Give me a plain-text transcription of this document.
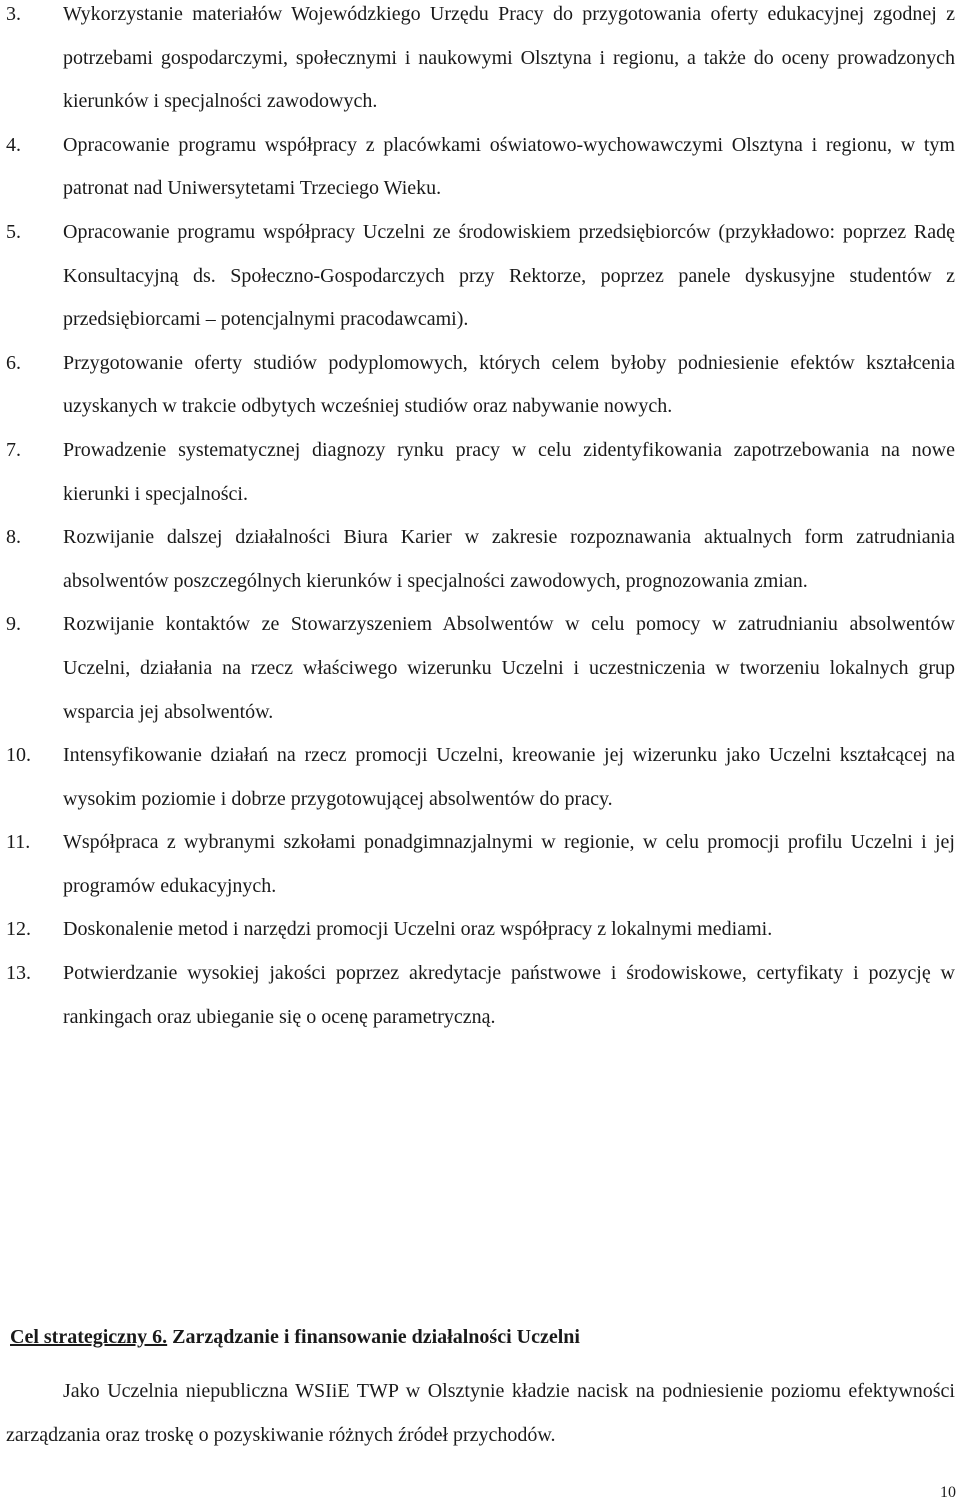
3.	Wykorzystanie materiałów Wojewódzkiego Urzędu Pracy do przygotowania oferty edukacyjnej zgodnej z potrzebami gospodarczymi, społecznymi i naukowymi Olsztyna i regionu, a także do oceny prowadzonych kierunków i specjalności zawodowych.
4.	Opracowanie programu współpracy z placówkami oświatowo-wychowawczymi Olsztyna i regionu, w tym patronat nad Uniwersytetami Trzeciego Wieku.
5.	Opracowanie programu współpracy Uczelni ze środowiskiem przedsiębiorców (przykładowo: poprzez Radę Konsultacyjną ds. Społeczno-Gospodarczych przy Rektorze, poprzez panele dyskusyjne studentów z przedsiębiorcami – potencjalnymi pracodawcami).
6.	Przygotowanie oferty studiów podyplomowych, których celem byłoby podniesienie efektów kształcenia uzyskanych w trakcie odbytych wcześniej studiów oraz nabywanie nowych.
7.	Prowadzenie systematycznej diagnozy rynku pracy w celu zidentyfikowania zapotrzebowania na nowe kierunki i specjalności.
8.	Rozwijanie dalszej działalności Biura Karier w zakresie rozpoznawania aktualnych form zatrudniania absolwentów poszczególnych kierunków i specjalności zawodowych, prognozowania zmian.
9.	Rozwijanie kontaktów ze Stowarzyszeniem Absolwentów w celu pomocy w zatrudnianiu absolwentów Uczelni, działania na rzecz właściwego wizerunku Uczelni i uczestniczenia w tworzeniu lokalnych grup wsparcia jej absolwentów.
10.	Intensyfikowanie działań na rzecz promocji Uczelni, kreowanie jej wizerunku jako Uczelni kształcącej na wysokim poziomie i dobrze przygotowującej absolwentów do pracy.
11.	Współpraca z wybranymi szkołami ponadgimnazjalnymi w regionie, w celu promocji profilu Uczelni i jej programów edukacyjnych.
12.	Doskonalenie metod i narzędzi promocji Uczelni oraz współpracy z lokalnymi mediami.
13.	Potwierdzanie wysokiej jakości poprzez akredytacje państwowe i środowiskowe, certyfikaty i pozycję w rankingach oraz ubieganie się o ocenę parametryczną.
Cel strategiczny 6. Zarządzanie i finansowanie działalności Uczelni
Jako Uczelnia niepubliczna WSIiE TWP w Olsztynie kładzie nacisk na podniesienie poziomu efektywności zarządzania oraz troskę o pozyskiwanie różnych źródeł przychodów.
10
